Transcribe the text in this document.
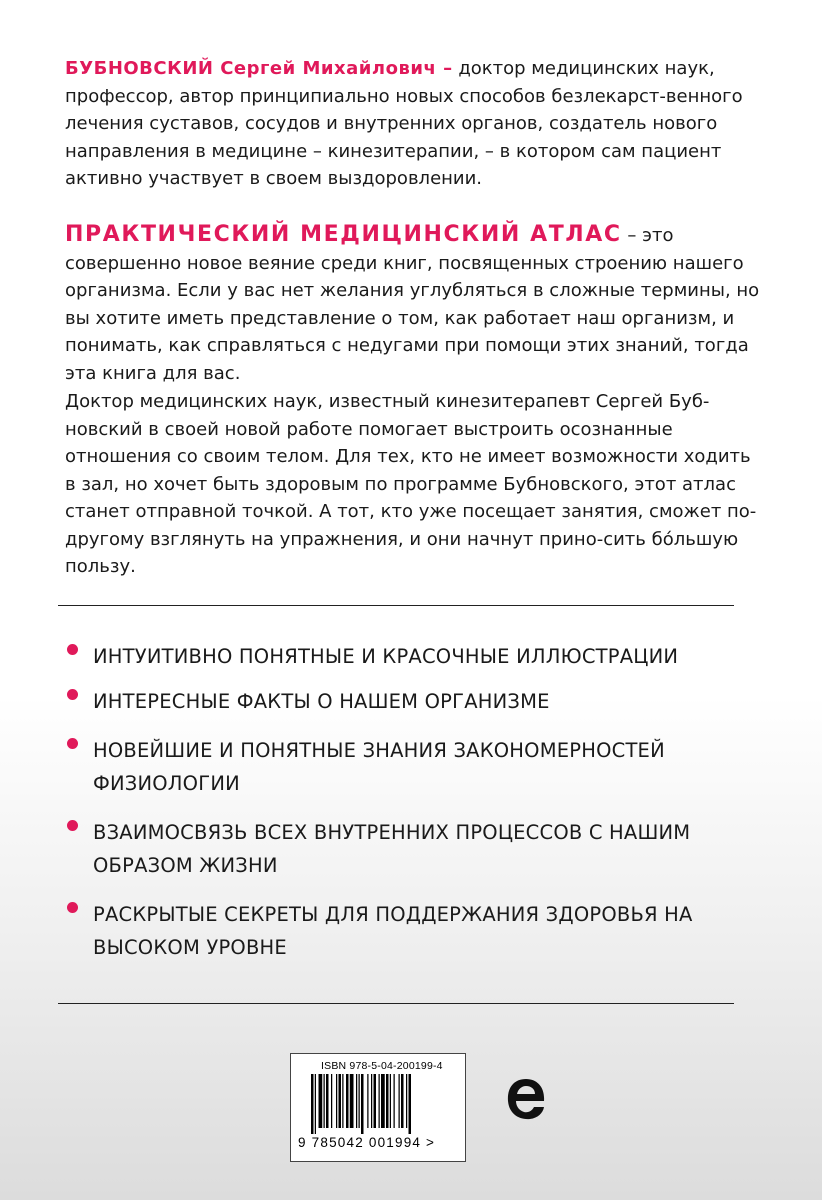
БУБНОВСКИЙ Сергей Михайлович – доктор медицинских наук, профессор, автор принципиально новых способов безлекарст-венного лечения суставов, сосудов и внутренних органов, создатель нового направления в медицине – кинезитерапии, – в котором сам пациент активно участвует в своем выздоровлении.

ПРАКТИЧЕСКИЙ МЕДИЦИНСКИЙ АТЛАС – это совершенно новое веяние среди книг, посвященных строению нашего организма. Если у вас нет желания углубляться в сложные термины, но вы хотите иметь представление о том, как работает наш организм, и понимать, как справляться с недугами при помощи этих знаний, тогда эта книга для вас.

Доктор медицинских наук, известный кинезитерапевт Сергей Буб-новский в своей новой работе помогает выстроить осознанные отношения со своим телом. Для тех, кто не имеет возможности ходить в зал, но хочет быть здоровым по программе Бубновского, этот атлас станет отправной точкой. А тот, кто уже посещает занятия, сможет по-другому взглянуть на упражнения, и они начнут прино-сить бо́льшую пользу.

ИНТУИТИВНО ПОНЯТНЫЕ И КРАСОЧНЫЕ ИЛЛЮСТРАЦИИ
ИНТЕРЕСНЫЕ ФАКТЫ О НАШЕМ ОРГАНИЗМЕ
НОВЕЙШИЕ И ПОНЯТНЫЕ ЗНАНИЯ ЗАКОНОМЕРНОСТЕЙ ФИЗИОЛОГИИ
ВЗАИМОСВЯЗЬ ВСЕХ ВНУТРЕННИХ ПРОЦЕССОВ С НАШИМ ОБРАЗОМ ЖИЗНИ
РАСКРЫТЫЕ СЕКРЕТЫ ДЛЯ ПОДДЕРЖАНИЯ ЗДОРОВЬЯ НА ВЫСОКОМ УРОВНЕ
ISBN 978-5-04-200199-4
9 785042 001994 >
